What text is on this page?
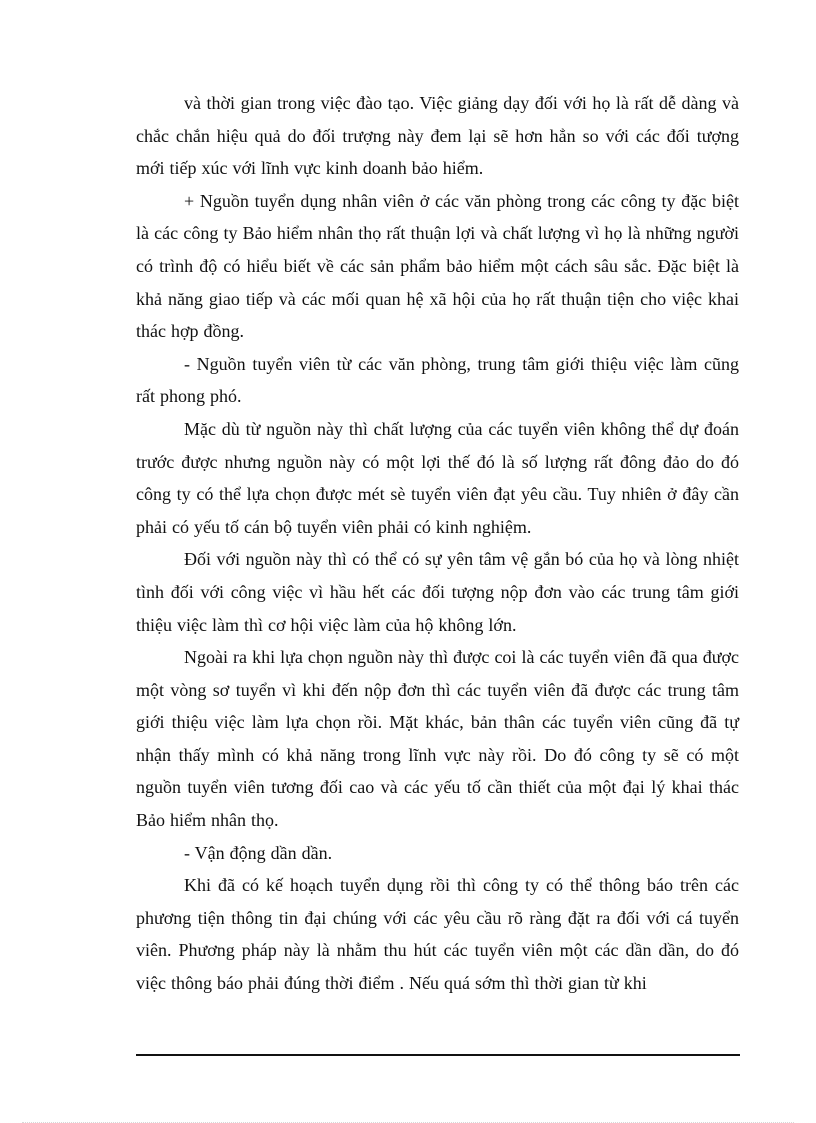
và thời gian trong việc đào tạo. Việc giảng dạy đối với họ là rất dễ dàng và chắc chắn hiệu quả do đối trượng này đem lại sẽ hơn hẳn so với các đối tượng mới tiếp xúc với lĩnh vực kinh doanh bảo hiểm.

+ Nguồn tuyển dụng nhân viên ở các văn phòng trong các công ty đặc biệt là các công ty Bảo hiểm nhân thọ rất thuận lợi và chất lượng vì họ là những người có trình độ có hiểu biết về các sản phẩm bảo hiểm một cách sâu sắc. Đặc biệt là khả năng giao tiếp và các mối quan hệ xã hội của họ rất thuận tiện cho việc khai thác hợp đồng.

- Nguồn tuyển viên từ các văn phòng, trung tâm giới thiệu việc làm cũng rất phong phó.

Mặc dù từ nguồn này thì chất lượng của các tuyển viên không thể dự đoán trước được nhưng nguồn này có một lợi thế đó là số lượng rất đông đảo do đó công ty có thể lựa chọn được mét sè tuyển viên đạt yêu cầu. Tuy nhiên ở đây cần phải có yếu tố cán bộ tuyển viên phải có kinh nghiệm.

Đối với nguồn này thì có thể có sự yên tâm vệ gắn bó của họ và lòng nhiệt tình đối với công việc vì hầu hết các đối tượng nộp đơn vào các trung tâm giới thiệu việc làm thì cơ hội việc làm của hộ không lớn.

Ngoài ra khi lựa chọn nguồn này thì được coi là các tuyển viên đã qua được một vòng sơ tuyển vì khi đến nộp đơn thì các tuyển viên đã được các trung tâm giới thiệu việc làm lựa chọn rồi. Mặt khác, bản thân các tuyển viên cũng đã tự nhận thấy mình có khả năng trong lĩnh vực này rồi. Do đó công ty sẽ có một nguồn tuyển viên tương đối cao và các yếu tố cần thiết của một đại lý khai thác Bảo hiểm nhân thọ.

- Vận động dần dần.

Khi đã có kế hoạch tuyển dụng rồi thì công ty có thể thông báo trên các phương tiện thông tin đại chúng với các yêu cầu rõ ràng đặt ra đối với cá tuyển viên. Phương pháp này là nhằm thu hút các tuyển viên một các dần dần, do đó việc thông báo phải đúng thời điểm . Nếu quá sớm thì thời gian từ khi
